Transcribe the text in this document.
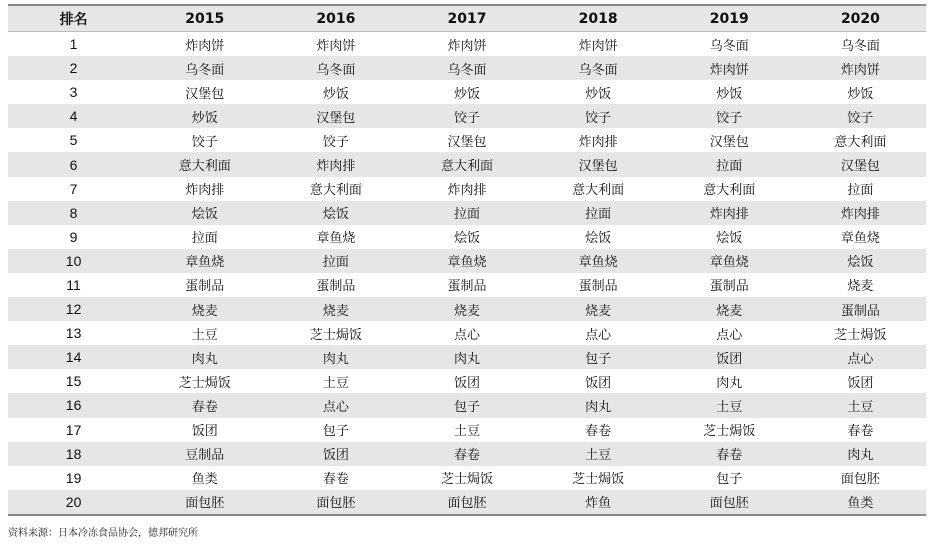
排名	2015	2016	2017	2018	2019	2020
1	炸肉饼	炸肉饼	炸肉饼	炸肉饼	乌冬面	乌冬面
2	乌冬面	乌冬面	乌冬面	乌冬面	炸肉饼	炸肉饼
3	汉堡包	炒饭	炒饭	炒饭	炒饭	炒饭
4	炒饭	汉堡包	饺子	饺子	饺子	饺子
5	饺子	饺子	汉堡包	炸肉排	汉堡包	意大利面
6	意大利面	炸肉排	意大利面	汉堡包	拉面	汉堡包
7	炸肉排	意大利面	炸肉排	意大利面	意大利面	拉面
8	烩饭	烩饭	拉面	拉面	炸肉排	炸肉排
9	拉面	章鱼烧	烩饭	烩饭	烩饭	章鱼烧
10	章鱼烧	拉面	章鱼烧	章鱼烧	章鱼烧	烩饭
11	蛋制品	蛋制品	蛋制品	蛋制品	蛋制品	烧麦
12	烧麦	烧麦	烧麦	烧麦	烧麦	蛋制品
13	土豆	芝士焗饭	点心	点心	点心	芝士焗饭
14	肉丸	肉丸	肉丸	包子	饭团	点心
15	芝士焗饭	土豆	饭团	饭团	肉丸	饭团
16	春卷	点心	包子	肉丸	土豆	土豆
17	饭团	包子	土豆	春卷	芝士焗饭	春卷
18	豆制品	饭团	春卷	土豆	春卷	肉丸
19	鱼类	春卷	芝士焗饭	芝士焗饭	包子	面包胚
20	面包胚	面包胚	面包胚	炸鱼	面包胚	鱼类
资料来源：日本冷冻食品协会，德邦研究所
